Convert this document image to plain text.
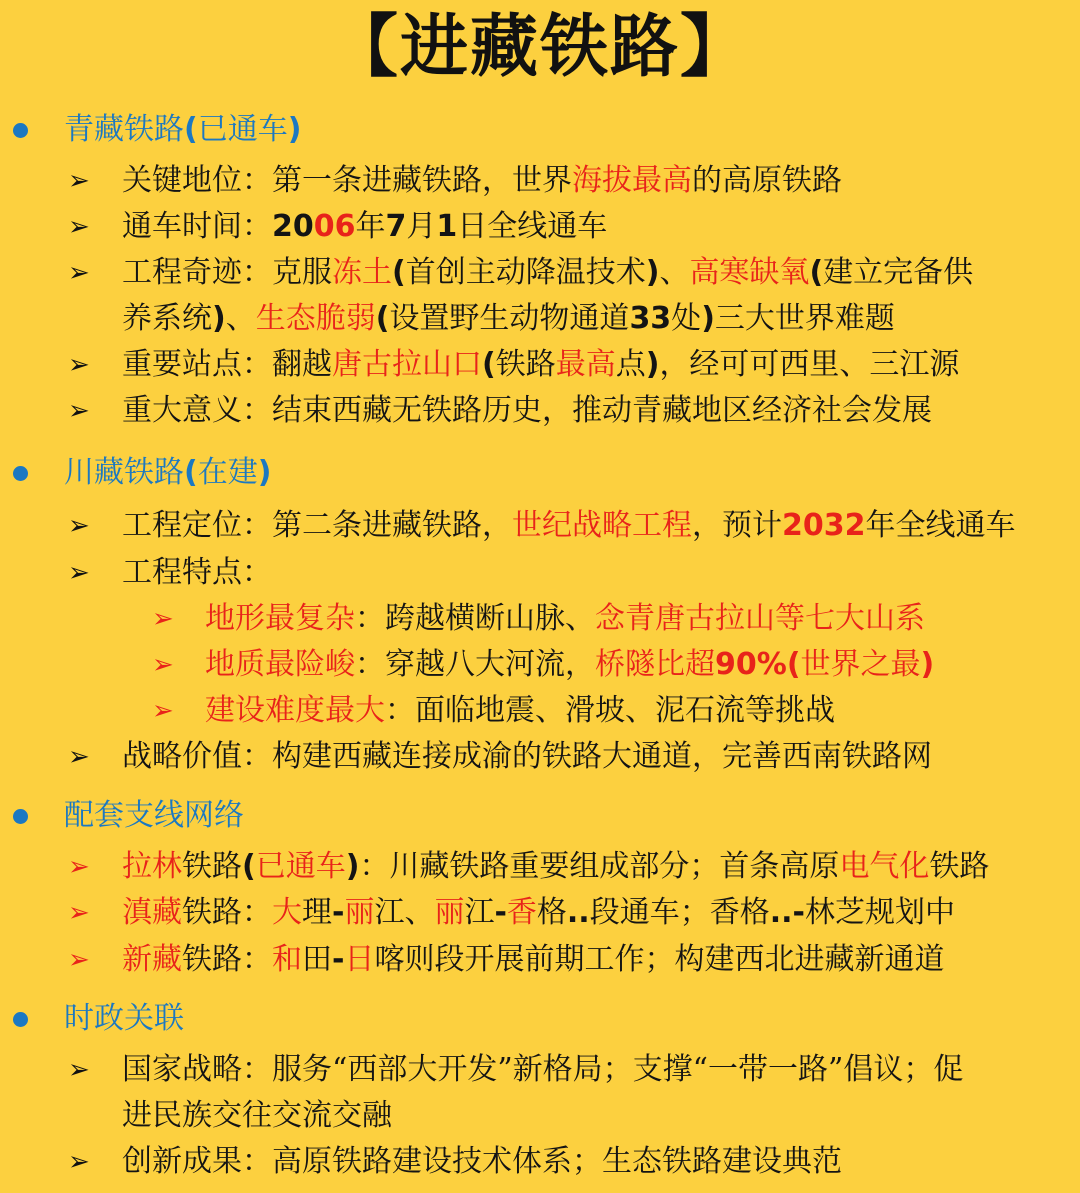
【进藏铁路】
青藏铁路(已通车)
➢ 关键地位：第一条进藏铁路，世界海拔最高的高原铁路
➢ 通车时间：2006年7月1日全线通车
➢ 工程奇迹：克服冻土(首创主动降温技术)、高寒缺氧(建立完备供
养系统)、生态脆弱(设置野生动物通道33处)三大世界难题
➢ 重要站点：翻越唐古拉山口(铁路最高点)，经可可西里、三江源
➢ 重大意义：结束西藏无铁路历史，推动青藏地区经济社会发展
川藏铁路(在建)
➢ 工程定位：第二条进藏铁路，世纪战略工程，预计2032年全线通车
➢ 工程特点：
➢ 地形最复杂：跨越横断山脉、念青唐古拉山等七大山系
➢ 地质最险峻：穿越八大河流，桥隧比超90%(世界之最)
➢ 建设难度最大：面临地震、滑坡、泥石流等挑战
➢ 战略价值：构建西藏连接成渝的铁路大通道，完善西南铁路网
配套支线网络
➢ 拉林铁路(已通车)：川藏铁路重要组成部分；首条高原电气化铁路
➢ 滇藏铁路：大理-丽江、丽江-香格..段通车；香格..-林芝规划中
➢ 新藏铁路：和田-日喀则段开展前期工作；构建西北进藏新通道
时政关联
➢ 国家战略：服务“西部大开发”新格局；支撑“一带一路”倡议；促
进民族交往交流交融
➢ 创新成果：高原铁路建设技术体系；生态铁路建设典范
